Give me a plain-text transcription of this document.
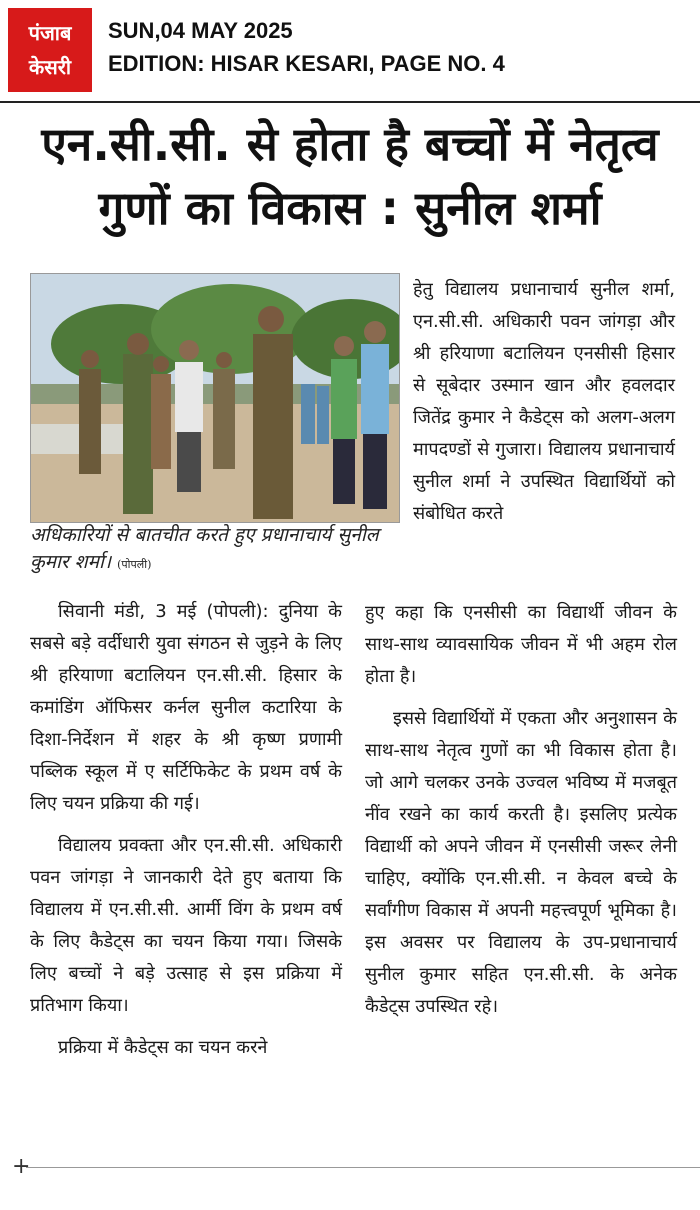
पंजाब
केसरी
SUN,04 MAY 2025
EDITION: HISAR KESARI, PAGE NO. 4
एन.सी.सी. से होता है बच्चों में नेतृत्व
गुणों का विकास : सुनील शर्मा
अधिकारियों से बातचीत करते हुए प्रधानाचार्य सुनील कुमार शर्मा। (पोपली)

हेतु विद्यालय प्रधानाचार्य सुनील शर्मा, एन.सी.सी. अधिकारी पवन जांगड़ा और श्री हरियाणा बटालियन एनसीसी हिसार से सूबेदार उस्मान खान और हवलदार जितेंद्र कुमार ने कैडेट्स को अलग-अलग मापदण्डों से गुजारा। विद्यालय प्रधानाचार्य सुनील शर्मा ने उपस्थित विद्यार्थियों को संबोधित करते

सिवानी मंडी, 3 मई (पोपली): दुनिया के सबसे बड़े वर्दीधारी युवा संगठन से जुड़ने के लिए श्री हरियाणा बटालियन एन.सी.सी. हिसार के कमांडिंग ऑफिसर कर्नल सुनील कटारिया के दिशा-निर्देशन में शहर के श्री कृष्ण प्रणामी पब्लिक स्कूल में ए सर्टिफिकेट के प्रथम वर्ष के लिए चयन प्रक्रिया की गई।

विद्यालय प्रवक्ता और एन.सी.सी. अधिकारी पवन जांगड़ा ने जानकारी देते हुए बताया कि विद्यालय में एन.सी.सी. आर्मी विंग के प्रथम वर्ष के लिए कैडेट्स का चयन किया गया। जिसके लिए बच्चों ने बड़े उत्साह से इस प्रक्रिया में प्रतिभाग किया।

प्रक्रिया में कैडेट्स का चयन करने

हुए कहा कि एनसीसी का विद्यार्थी जीवन के साथ-साथ व्यावसायिक जीवन में भी अहम रोल होता है।

इससे विद्यार्थियों में एकता और अनुशासन के साथ-साथ नेतृत्व गुणों का भी विकास होता है। जो आगे चलकर उनके उज्वल भविष्य में मजबूत नींव रखने का कार्य करती है। इसलिए प्रत्येक विद्यार्थी को अपने जीवन में एनसीसी जरूर लेनी चाहिए, क्योंकि एन.सी.सी. न केवल बच्चे के सर्वांगीण विकास में अपनी महत्त्वपूर्ण भूमिका है। इस अवसर पर विद्यालय के उप-प्रधानाचार्य सुनील कुमार सहित एन.सी.सी. के अनेक कैडेट्स उपस्थित रहे।

+
